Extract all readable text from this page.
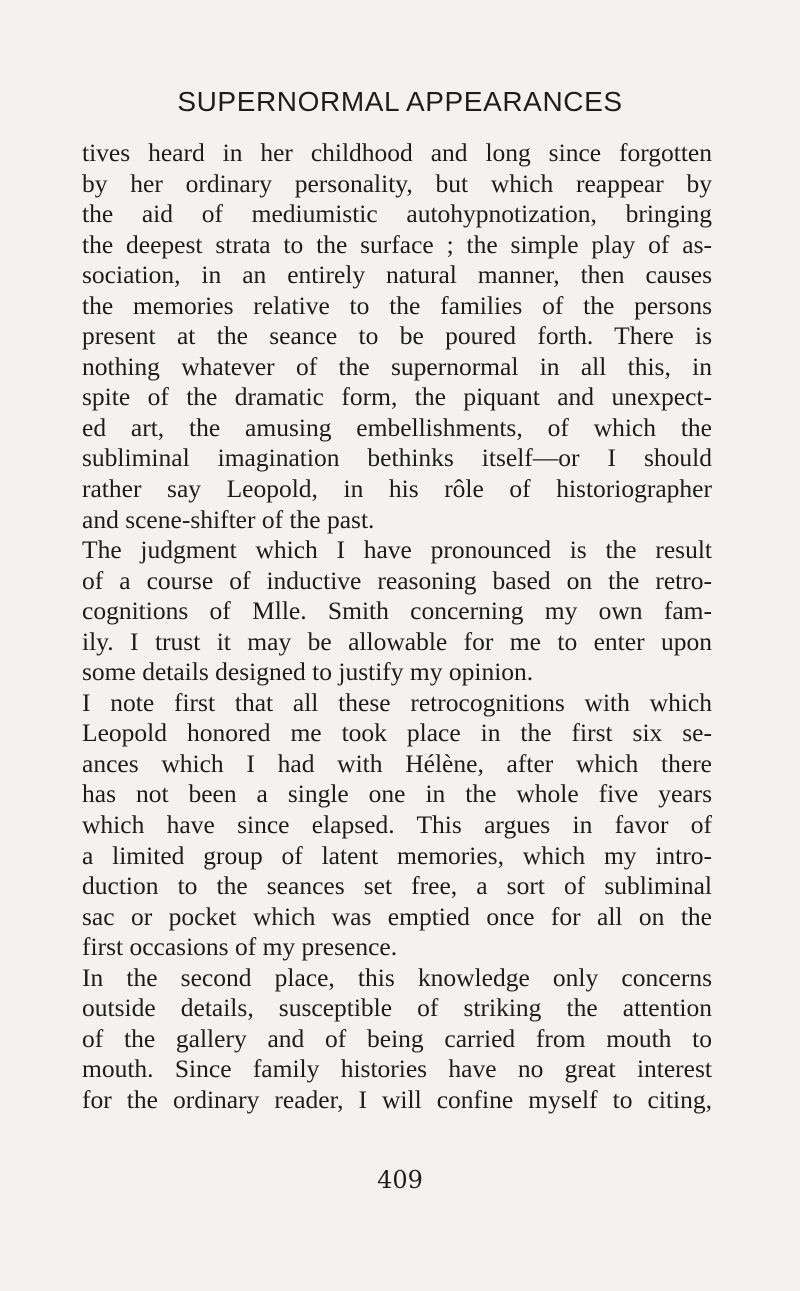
SUPERNORMAL APPEARANCES
tives heard in her childhood and long since forgotten
by her ordinary personality, but which reappear by
the aid of mediumistic autohypnotization, bringing
the deepest strata to the surface ; the simple play of as-
sociation, in an entirely natural manner, then causes
the memories relative to the families of the persons
present at the seance to be poured forth. There is
nothing whatever of the supernormal in all this, in
spite of the dramatic form, the piquant and unexpect-
ed art, the amusing embellishments, of which the
subliminal imagination bethinks itself—or I should
rather say Leopold, in his rôle of historiographer
and scene-shifter of the past.
The judgment which I have pronounced is the result
of a course of inductive reasoning based on the retro-
cognitions of Mlle. Smith concerning my own fam-
ily. I trust it may be allowable for me to enter upon
some details designed to justify my opinion.
I note first that all these retrocognitions with which
Leopold honored me took place in the first six se-
ances which I had with Hélène, after which there
has not been a single one in the whole five years
which have since elapsed. This argues in favor of
a limited group of latent memories, which my intro-
duction to the seances set free, a sort of subliminal
sac or pocket which was emptied once for all on the
first occasions of my presence.
In the second place, this knowledge only concerns
outside details, susceptible of striking the attention
of the gallery and of being carried from mouth to
mouth. Since family histories have no great interest
for the ordinary reader, I will confine myself to citing,
409
